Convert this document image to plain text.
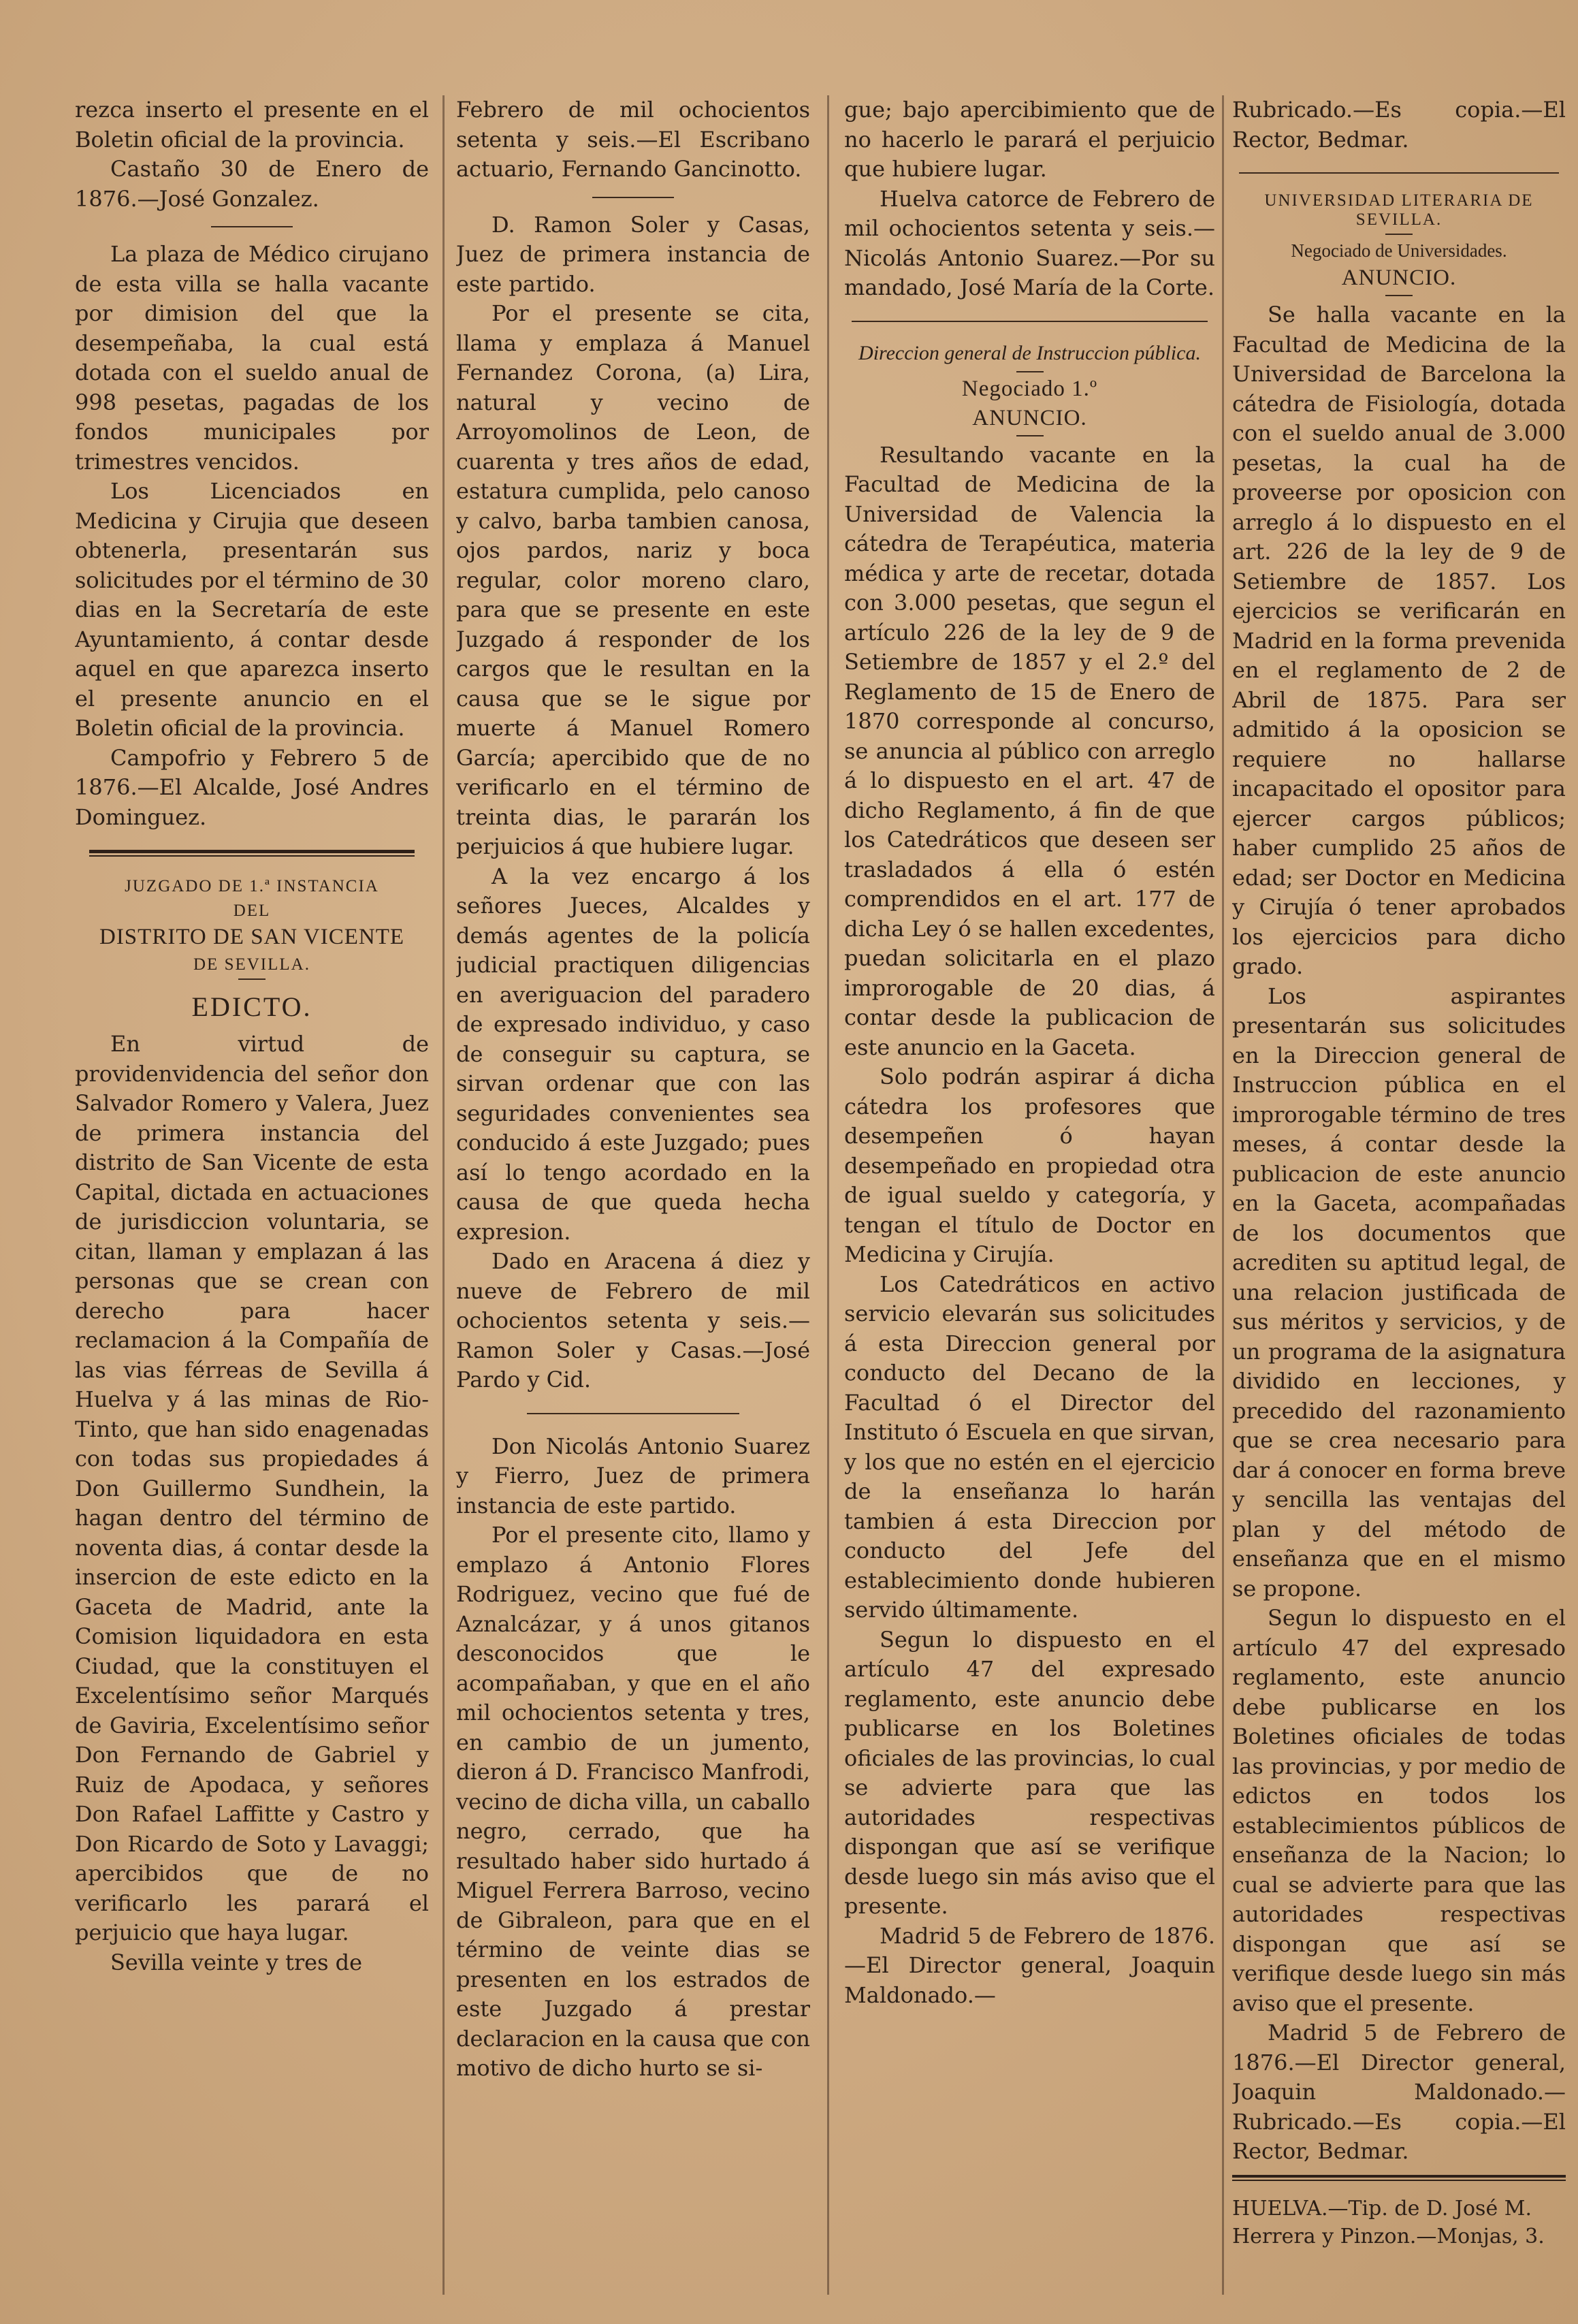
rezca inserto el presente en el Boletin oficial de la provincia.

Castaño 30 de Enero de 1876.—José Gonzalez.

La plaza de Médico cirujano de esta villa se halla vacante por dimision del que la desempeñaba, la cual está dotada con el sueldo anual de 998 pesetas, pagadas de los fondos municipales por trimestres vencidos.

Los Licenciados en Medicina y Cirujia que deseen obtenerla, presentarán sus solicitudes por el término de 30 dias en la Secretaría de este Ayuntamiento, á contar desde aquel en que aparezca inserto el presente anuncio en el Boletin oficial de la provincia.

Campofrio y Febrero 5 de 1876.—El Alcalde, José Andres Dominguez.

JUZGADO DE 1.ª INSTANCIA
DEL
DISTRITO DE SAN VICENTE
DE SEVILLA.
EDICTO.

En virtud de providenvidencia del señor don Salvador Romero y Valera, Juez de primera instancia del distrito de San Vicente de esta Capital, dictada en actuaciones de jurisdiccion voluntaria, se citan, llaman y emplazan á las personas que se crean con derecho para hacer reclamacion á la Compañía de las vias férreas de Sevilla á Huelva y á las minas de Rio-Tinto, que han sido enagenadas con todas sus propiedades á Don Guillermo Sundhein, la hagan dentro del término de noventa dias, á contar desde la insercion de este edicto en la Gaceta de Madrid, ante la Comision liquidadora en esta Ciudad, que la constituyen el Excelentísimo señor Marqués de Gaviria, Excelentísimo señor Don Fernando de Gabriel y Ruiz de Apodaca, y señores Don Rafael Laffitte y Castro y Don Ricardo de Soto y Lavaggi; apercibidos que de no verificarlo les parará el perjuicio que haya lugar.

Sevilla veinte y tres de

Febrero de mil ochocientos setenta y seis.—El Escribano actuario, Fernando Gancinotto.

D. Ramon Soler y Casas, Juez de primera instancia de este partido.

Por el presente se cita, llama y emplaza á Manuel Fernandez Corona, (a) Lira, natural y vecino de Arroyomolinos de Leon, de cuarenta y tres años de edad, estatura cumplida, pelo canoso y calvo, barba tambien canosa, ojos pardos, nariz y boca regular, color moreno claro, para que se presente en este Juzgado á responder de los cargos que le resultan en la causa que se le sigue por muerte á Manuel Romero García; apercibido que de no verificarlo en el término de treinta dias, le pararán los perjuicios á que hubiere lugar.

A la vez encargo á los señores Jueces, Alcaldes y demás agentes de la policía judicial practiquen diligencias en averiguacion del paradero de expresado individuo, y caso de conseguir su captura, se sirvan ordenar que con las seguridades convenientes sea conducido á este Juzgado; pues así lo tengo acordado en la causa de que queda hecha expresion.

Dado en Aracena á diez y nueve de Febrero de mil ochocientos setenta y seis.—Ramon Soler y Casas.—José Pardo y Cid.

Don Nicolás Antonio Suarez y Fierro, Juez de primera instancia de este partido.

Por el presente cito, llamo y emplazo á Antonio Flores Rodriguez, vecino que fué de Aznalcázar, y á unos gitanos desconocidos que le acompañaban, y que en el año mil ochocientos setenta y tres, en cambio de un jumento, dieron á D. Francisco Manfrodi, vecino de dicha villa, un caballo negro, cerrado, que ha resultado haber sido hurtado á Miguel Ferrera Barroso, vecino de Gibraleon, para que en el término de veinte dias se presenten en los estrados de este Juzgado á prestar declaracion en la causa que con motivo de dicho hurto se si-

gue; bajo apercibimiento que de no hacerlo le parará el perjuicio que hubiere lugar.

Huelva catorce de Febrero de mil ochocientos setenta y seis.—Nicolás Antonio Suarez.—Por su mandado, José María de la Corte.

Direccion general de Instruccion pública.
Negociado 1.º
ANUNCIO.

Resultando vacante en la Facultad de Medicina de la Universidad de Valencia la cátedra de Terapéutica, materia médica y arte de recetar, dotada con 3.000 pesetas, que segun el artículo 226 de la ley de 9 de Setiembre de 1857 y el 2.º del Reglamento de 15 de Enero de 1870 corresponde al concurso, se anuncia al público con arreglo á lo dispuesto en el art. 47 de dicho Reglamento, á fin de que los Catedráticos que deseen ser trasladados á ella ó estén comprendidos en el art. 177 de dicha Ley ó se hallen excedentes, puedan solicitarla en el plazo improrogable de 20 dias, á contar desde la publicacion de este anuncio en la Gaceta.

Solo podrán aspirar á dicha cátedra los profesores que desempeñen ó hayan desempeñado en propiedad otra de igual sueldo y categoría, y tengan el título de Doctor en Medicina y Cirujía.

Los Catedráticos en activo servicio elevarán sus solicitudes á esta Direccion general por conducto del Decano de la Facultad ó el Director del Instituto ó Escuela en que sirvan, y los que no estén en el ejercicio de la enseñanza lo harán tambien á esta Direccion por conducto del Jefe del establecimiento donde hubieren servido últimamente.

Segun lo dispuesto en el artículo 47 del expresado reglamento, este anuncio debe publicarse en los Boletines oficiales de las provincias, lo cual se advierte para que las autoridades respectivas dispongan que así se verifique desde luego sin más aviso que el presente.

Madrid 5 de Febrero de 1876.—El Director general, Joaquin Maldonado.—

Rubricado.—Es copia.—El Rector, Bedmar.

UNIVERSIDAD LITERARIA DE SEVILLA.
Negociado de Universidades.
ANUNCIO.

Se halla vacante en la Facultad de Medicina de la Universidad de Barcelona la cátedra de Fisiología, dotada con el sueldo anual de 3.000 pesetas, la cual ha de proveerse por oposicion con arreglo á lo dispuesto en el art. 226 de la ley de 9 de Setiembre de 1857. Los ejercicios se verificarán en Madrid en la forma prevenida en el reglamento de 2 de Abril de 1875. Para ser admitido á la oposicion se requiere no hallarse incapacitado el opositor para ejercer cargos públicos; haber cumplido 25 años de edad; ser Doctor en Medicina y Cirujía ó tener aprobados los ejercicios para dicho grado.

Los aspirantes presentarán sus solicitudes en la Direccion general de Instruccion pública en el improrogable término de tres meses, á contar desde la publicacion de este anuncio en la Gaceta, acompañadas de los documentos que acrediten su aptitud legal, de una relacion justificada de sus méritos y servicios, y de un programa de la asignatura dividido en lecciones, y precedido del razonamiento que se crea necesario para dar á conocer en forma breve y sencilla las ventajas del plan y del método de enseñanza que en el mismo se propone.

Segun lo dispuesto en el artículo 47 del expresado reglamento, este anuncio debe publicarse en los Boletines oficiales de todas las provincias, y por medio de edictos en todos los establecimientos públicos de enseñanza de la Nacion; lo cual se advierte para que las autoridades respectivas dispongan que así se verifique desde luego sin más aviso que el presente.

Madrid 5 de Febrero de 1876.—El Director general, Joaquin Maldonado.—Rubricado.—Es copia.—El Rector, Bedmar.

HUELVA.—Tip. de D. José M. Herrera y Pinzon.—Monjas, 3.
